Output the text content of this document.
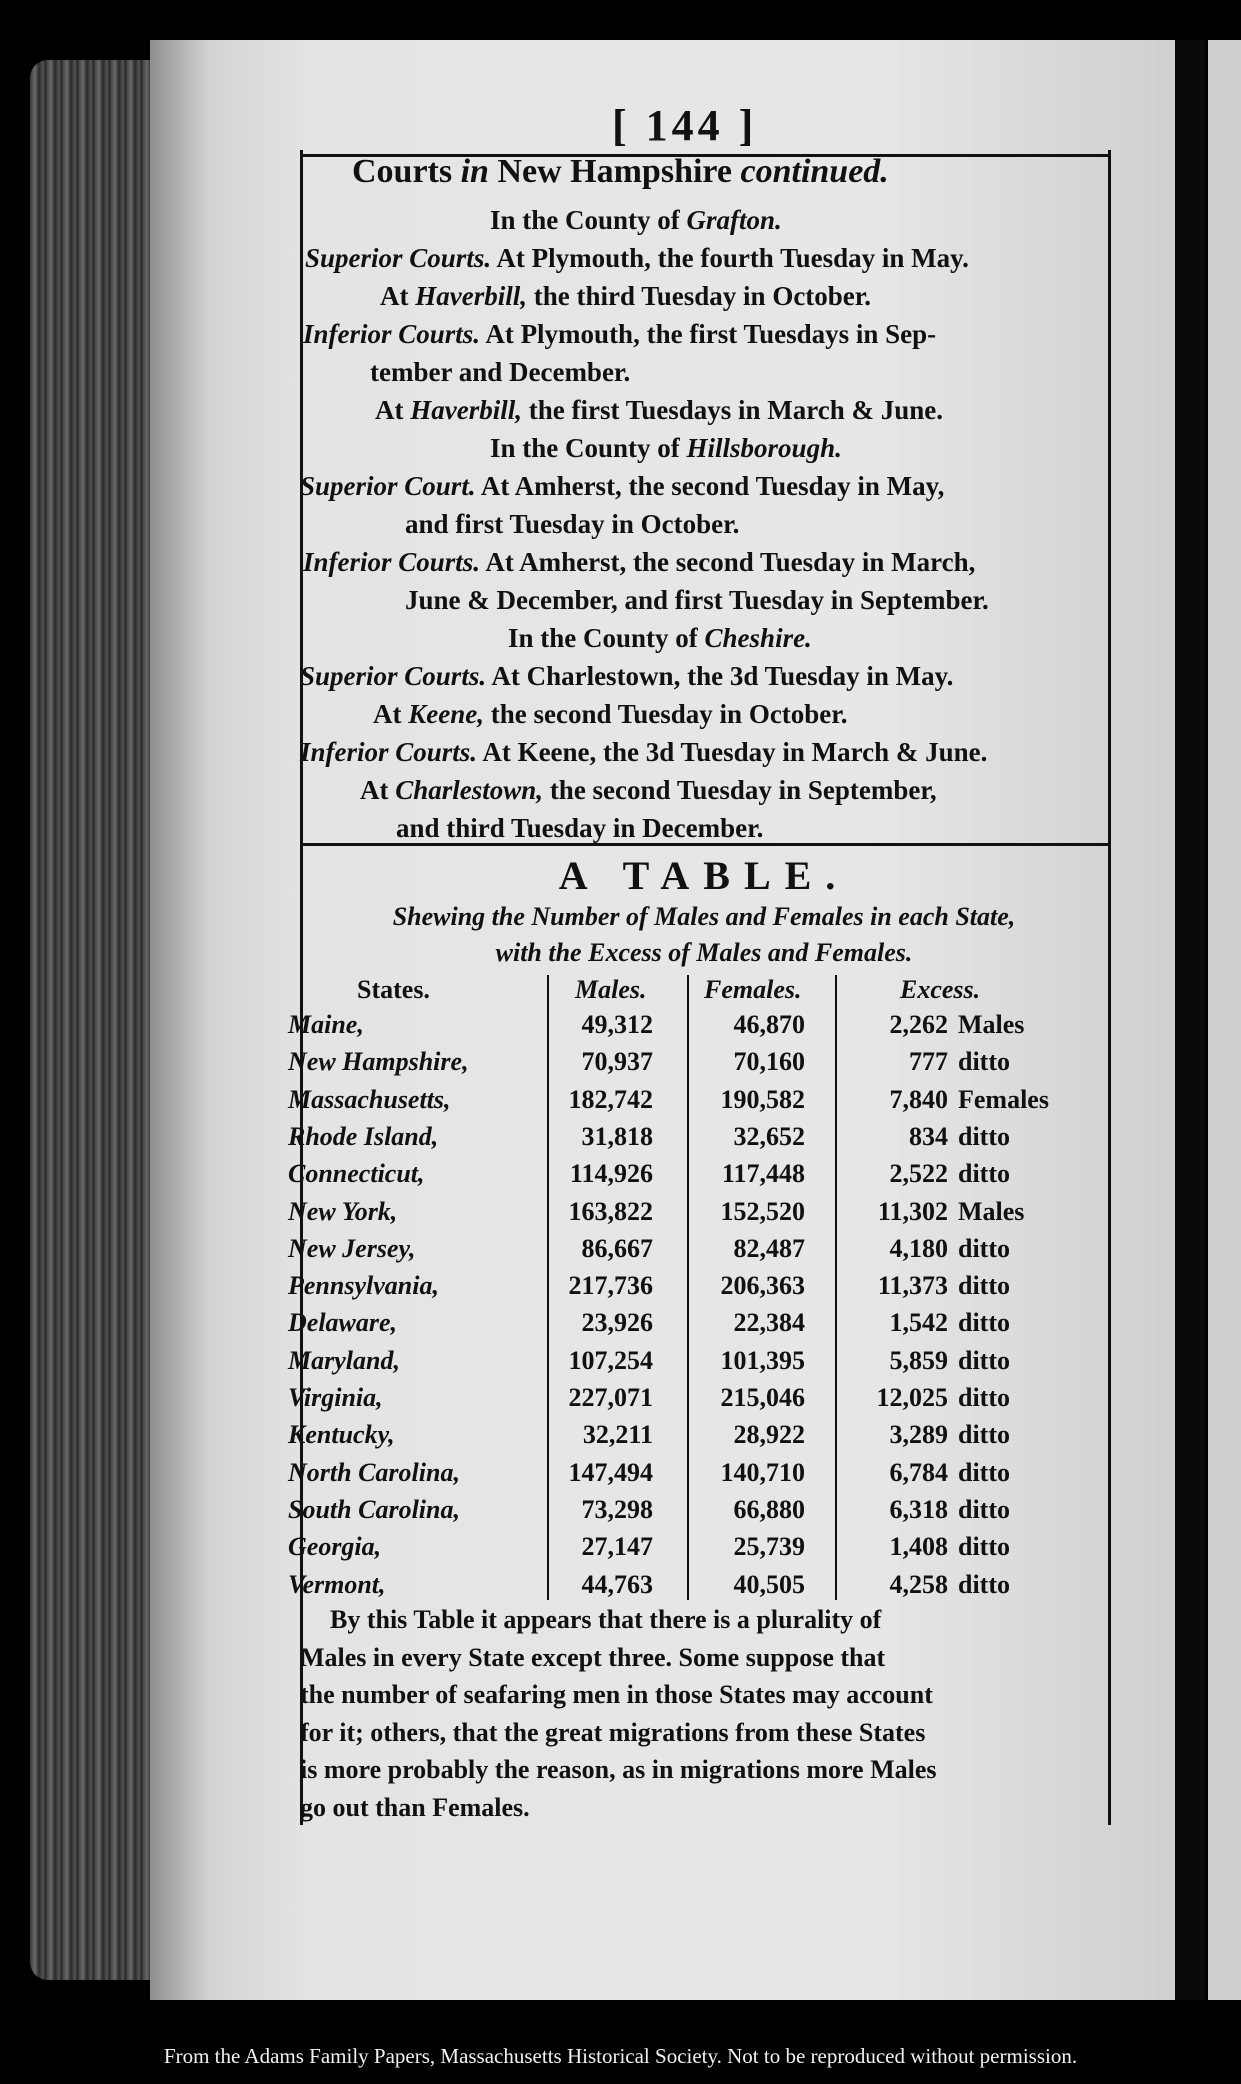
[ 144 ]
Courts in New Hampshire continued.
In the County of Grafton.
Superior Courts. At Plymouth, the fourth Tuesday in May.
At Haverbill, the third Tuesday in October.
Inferior Courts. At Plymouth, the first Tuesdays in Sep-
tember and December.
At Haverbill, the first Tuesdays in March & June.
In the County of Hillsborough.
Superior Court. At Amherst, the second Tuesday in May,
and first Tuesday in October.
Inferior Courts. At Amherst, the second Tuesday in March,
June & December, and first Tuesday in September.
In the County of Cheshire.
Superior Courts. At Charlestown, the 3d Tuesday in May.
At Keene, the second Tuesday in October.
Inferior Courts. At Keene, the 3d Tuesday in March & June.
At Charlestown, the second Tuesday in September,
and third Tuesday in December.
A TABLE.
Shewing the Number of Males and Females in each State,
with the Excess of Males and Females.
States.	Males. Females.	Excess.
Maine,	49,312	46,870	2,262 Males
New Hampshire,	70,937	70,160	777 ditto
Massachusetts,	182,742	190,582	7,840 Females
Rhode Island,	31,818	32,652	834 ditto
Connecticut,	114,926	117,448	2,522 ditto
New York,	163,822	152,520	11,302 Males
New Jersey,	86,667	82,487	4,180 ditto
Pennsylvania,	217,736	206,363	11,373 ditto
Delaware,	23,926	22,384	1,542 ditto
Maryland,	107,254	101,395	5,859 ditto
Virginia,	227,071	215,046	12,025 ditto
Kentucky,	32,211	28,922	3,289 ditto
North Carolina,	147,494	140,710	6,784 ditto
South Carolina,	73,298	66,880	6,318 ditto
Georgia,	27,147	25,739	1,408 ditto
Vermont,	44,763	40,505	4,258 ditto
By this Table it appears that there is a plurality of
Males in every State except three. Some suppose that
the number of seafaring men in those States may account
for it; others, that the great migrations from these States
is more probably the reason, as in migrations more Males
go out than Females.
From the Adams Family Papers, Massachusetts Historical Society. Not to be reproduced without permission.
